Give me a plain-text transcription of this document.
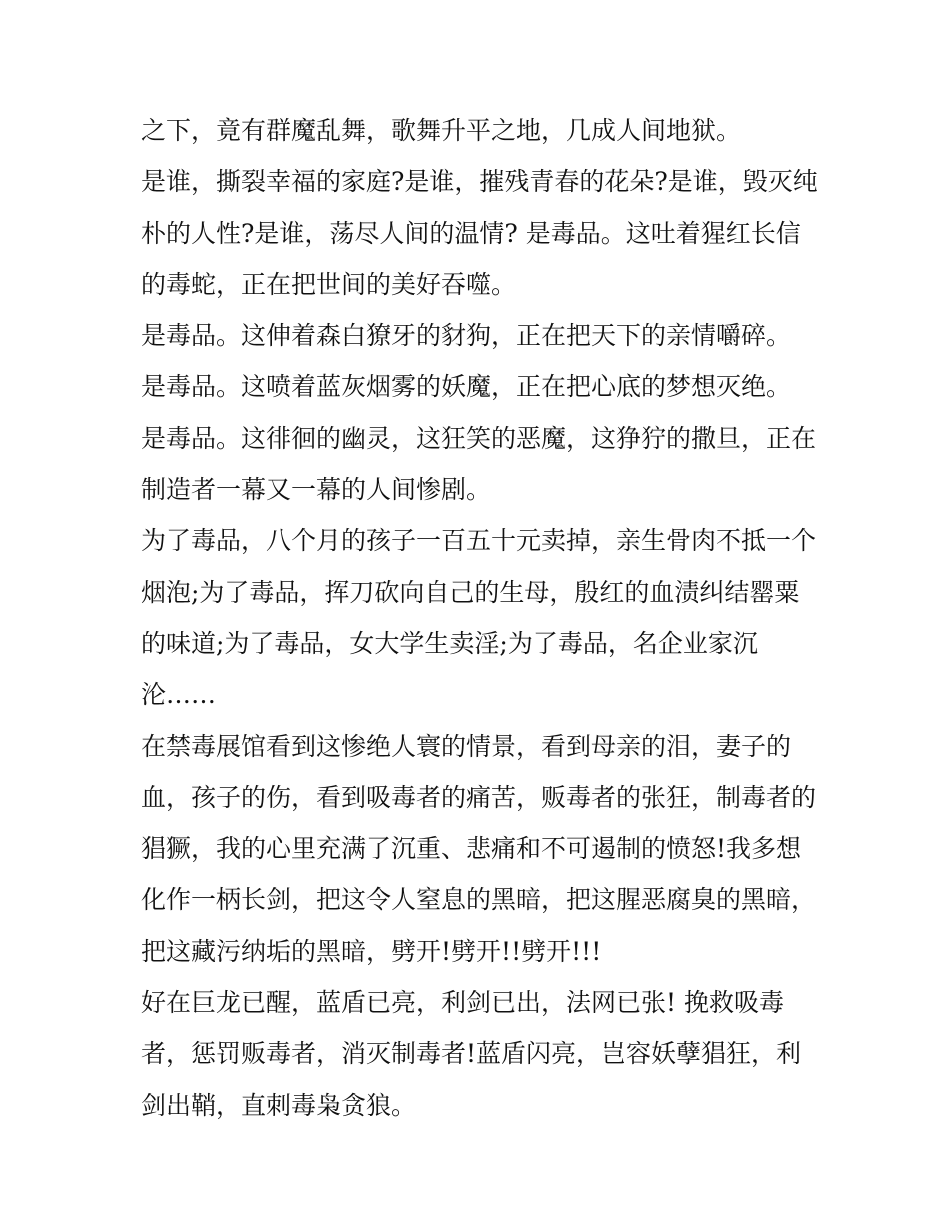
之下，竟有群魔乱舞，歌舞升平之地，几成人间地狱。
是谁，撕裂幸福的家庭?是谁，摧残青春的花朵?是谁，毁灭纯
朴的人性?是谁，荡尽人间的温情? 是毒品。这吐着猩红长信
的毒蛇，正在把世间的美好吞噬。
是毒品。这伸着森白獠牙的豺狗，正在把天下的亲情嚼碎。
是毒品。这喷着蓝灰烟雾的妖魔，正在把心底的梦想灭绝。
是毒品。这徘徊的幽灵，这狂笑的恶魔，这狰狞的撒旦，正在
制造者一幕又一幕的人间惨剧。
为了毒品，八个月的孩子一百五十元卖掉，亲生骨肉不抵一个
烟泡;为了毒品，挥刀砍向自己的生母，殷红的血渍纠结罂粟
的味道;为了毒品，女大学生卖淫;为了毒品，名企业家沉
沦……
在禁毒展馆看到这惨绝人寰的情景，看到母亲的泪，妻子的
血，孩子的伤，看到吸毒者的痛苦，贩毒者的张狂，制毒者的
猖獗，我的心里充满了沉重、悲痛和不可遏制的愤怒!我多想
化作一柄长剑，把这令人窒息的黑暗，把这腥恶腐臭的黑暗，
把这藏污纳垢的黑暗，劈开!劈开!!劈开!!!
好在巨龙已醒，蓝盾已亮，利剑已出，法网已张! 挽救吸毒
者，惩罚贩毒者，消灭制毒者!蓝盾闪亮，岂容妖孽猖狂，利
剑出鞘，直刺毒枭贪狼。
